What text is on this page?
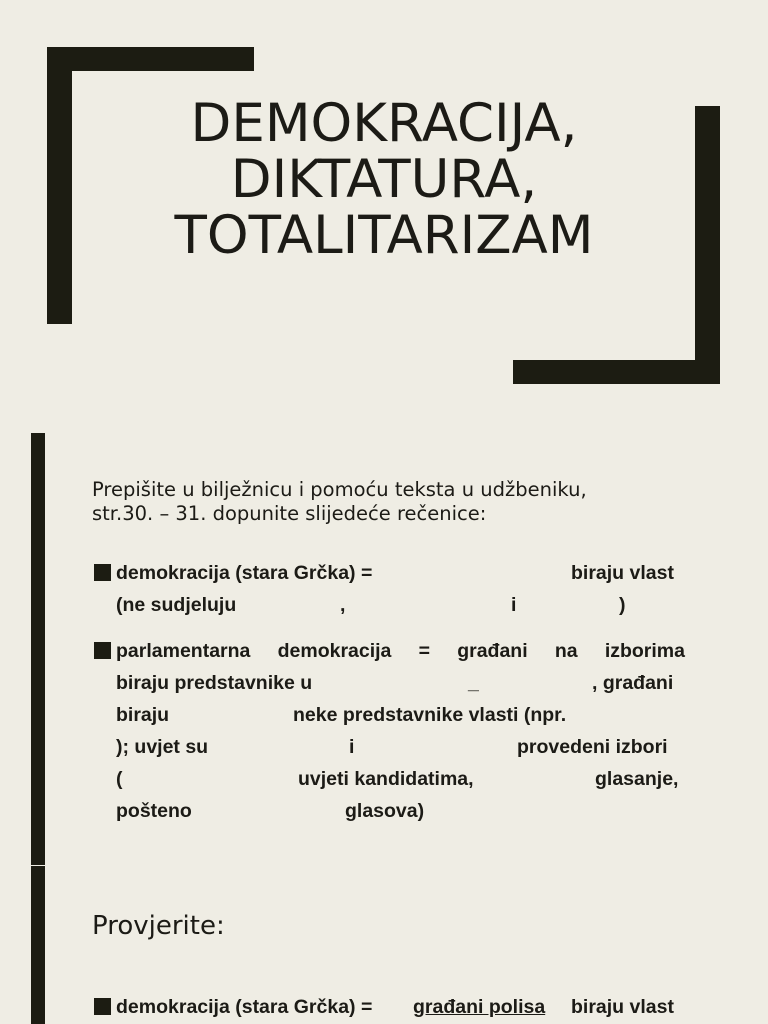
DEMOKRACIJA,
DIKTATURA,
TOTALITARIZAM
Prepišite u bilježnicu i pomoću teksta u udžbeniku,
str.30. – 31. dopunite slijedeće rečenice:
demokracija (stara Grčka) =	biraju vlast
(ne sudjeluju	,	i	)
parlamentarna demokracija = građani na izborima
biraju predstavnike u	_	, građani
biraju	neke predstavnike vlasti (npr.
); uvjet su	i	provedeni izbori
(	uvjeti kandidatima,	glasanje,
pošteno	glasova)
Provjerite:
demokracija (stara Grčka) = građani polisa biraju vlast
